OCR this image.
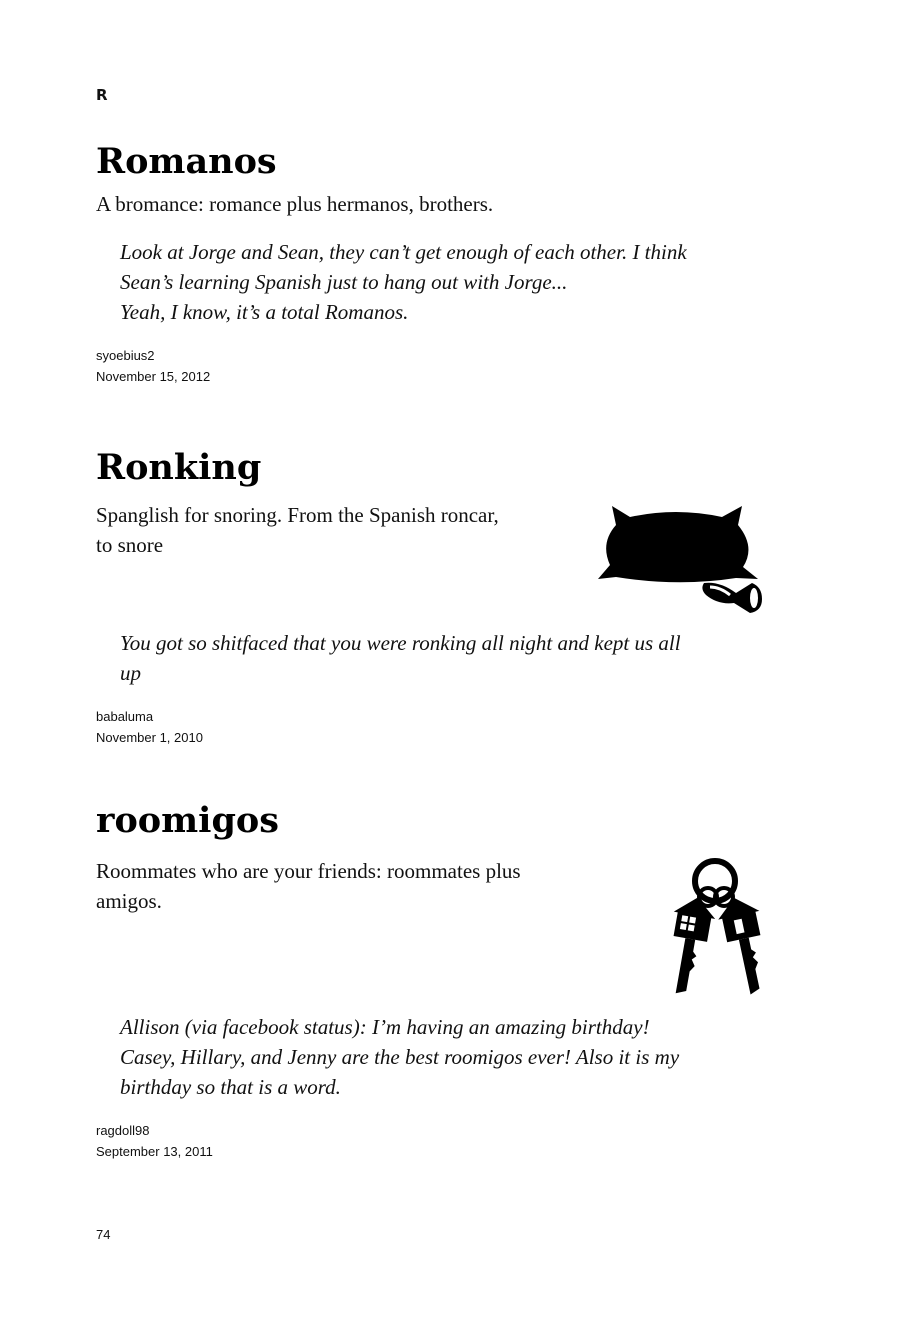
R
Romanos

A bromance: romance plus hermanos, brothers.

Look at Jorge and Sean, they can’t get enough of each other. I think
Sean’s learning Spanish just to hang out with Jorge...
Yeah, I know, it’s a total Romanos.

syoebius2
November 15, 2012
Ronking

Spanglish for snoring. From the Spanish roncar,
to snore

You got so shitfaced that you were ronking all night and kept us all
up

babaluma
November 1, 2010
roomigos

Roommates who are your friends: roommates plus
amigos.

Allison (via facebook status): I’m having an amazing birthday!
Casey, Hillary, and Jenny are the best roomigos ever! Also it is my
birthday so that is a word.

ragdoll98
September 13, 2011
74
